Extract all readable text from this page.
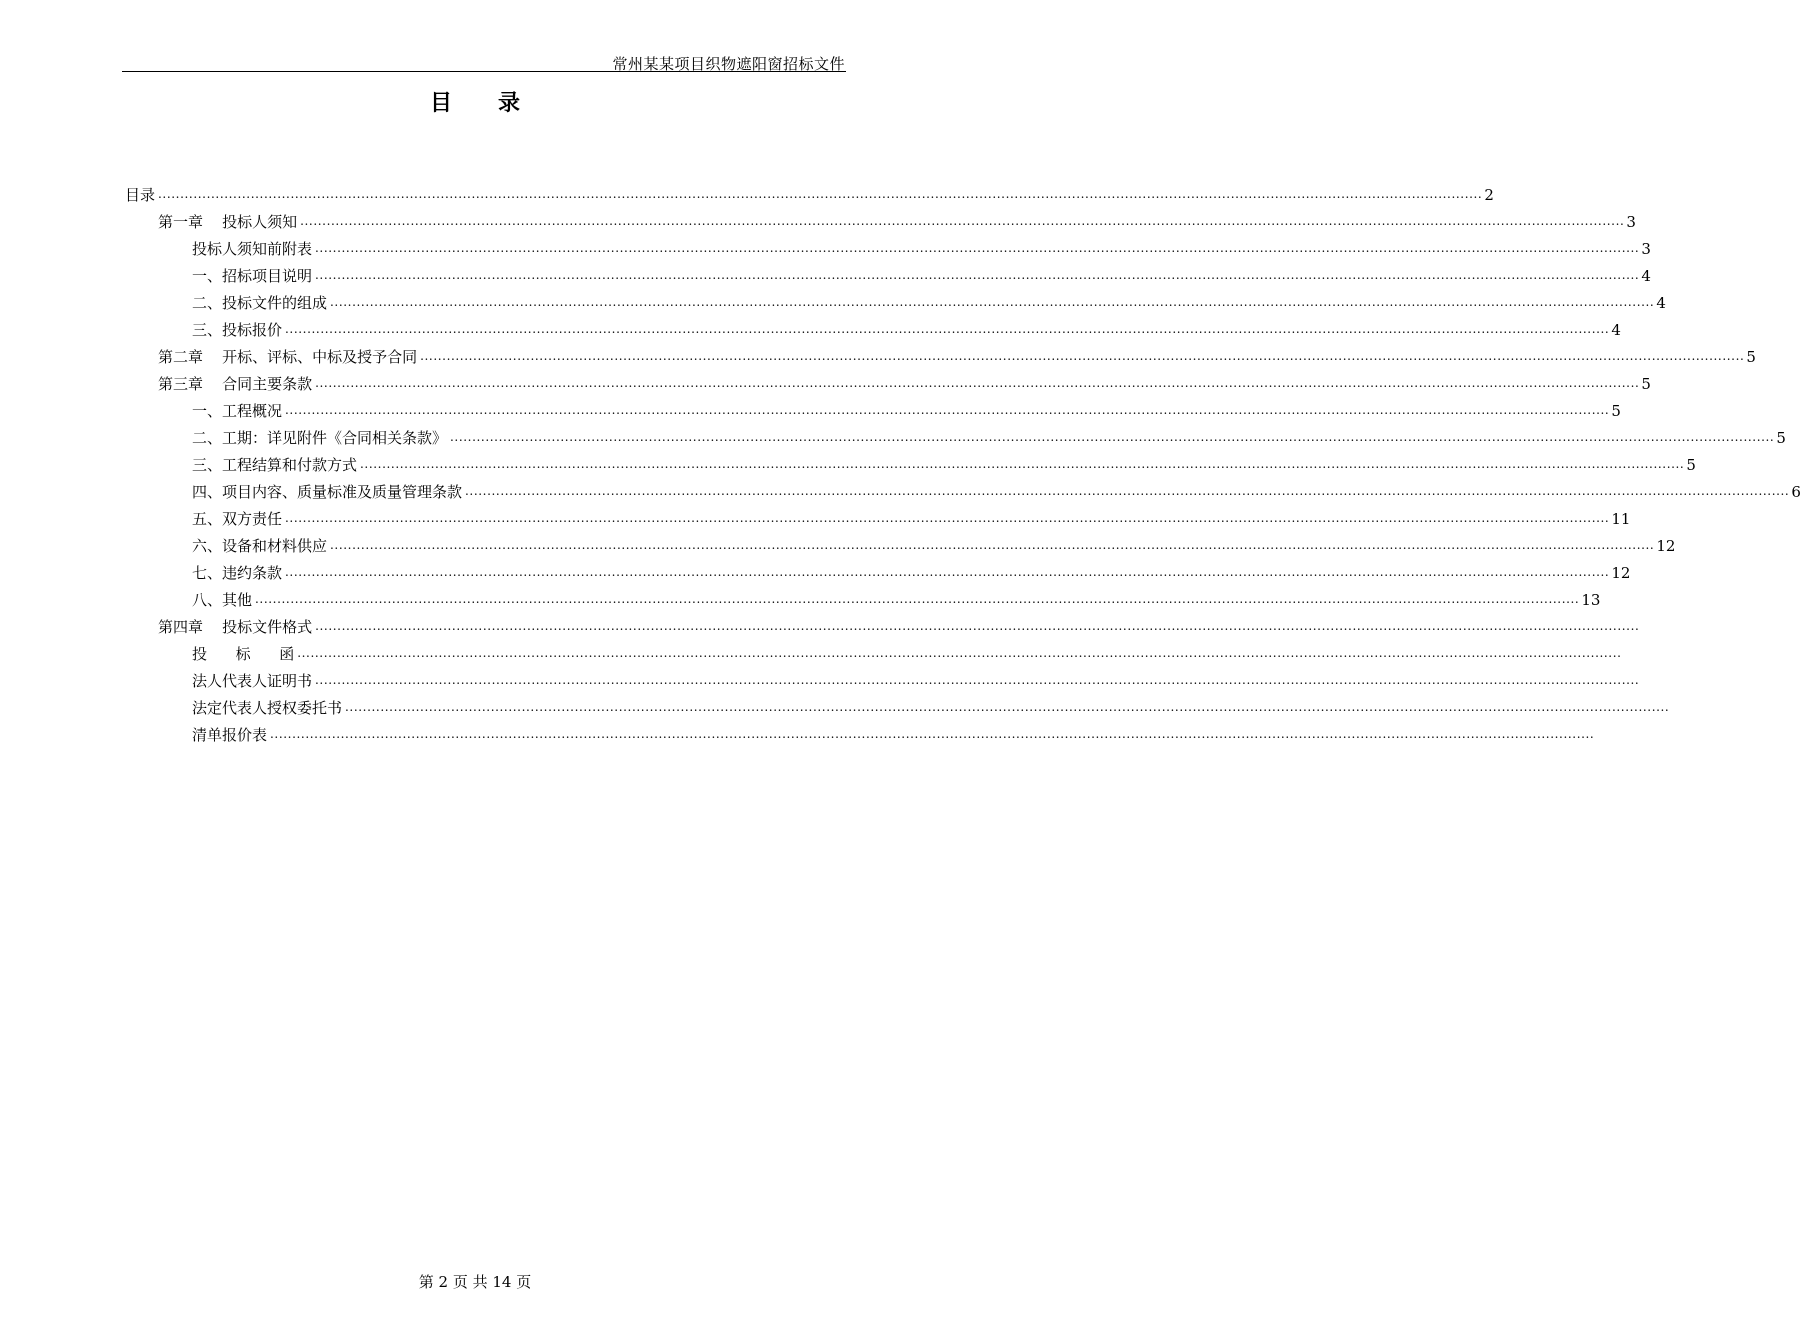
常州某某项目织物遮阳窗招标文件
目      录
目录 ............................................................................................................................................................................................................................................................................................................ 2
第一章    投标人须知 ............................................................................................................................................................................................................................................................................................................ 3
投标人须知前附表 ............................................................................................................................................................................................................................................................................................................ 3
一、招标项目说明 ............................................................................................................................................................................................................................................................................................................ 4
二、投标文件的组成 ............................................................................................................................................................................................................................................................................................................ 4
三、投标报价 ............................................................................................................................................................................................................................................................................................................ 4
第二章    开标、评标、中标及授予合同 ............................................................................................................................................................................................................................................................................................................ 5
第三章    合同主要条款 ............................................................................................................................................................................................................................................................................................................ 5
一、工程概况 ............................................................................................................................................................................................................................................................................................................ 5
二、工期：详见附件《合同相关条款》 ............................................................................................................................................................................................................................................................................................................ 5
三、工程结算和付款方式 ............................................................................................................................................................................................................................................................................................................ 5
四、项目内容、质量标准及质量管理条款 ............................................................................................................................................................................................................................................................................................................ 6
五、双方责任 ............................................................................................................................................................................................................................................................................................................ 11
六、设备和材料供应 ............................................................................................................................................................................................................................................................................................................ 12
七、违约条款 ............................................................................................................................................................................................................................................................................................................ 12
八、其他 ............................................................................................................................................................................................................................................................................................................ 13
第四章    投标文件格式 ............................................................................................................................................................................................................................................................................................................
投      标      函 ............................................................................................................................................................................................................................................................................................................
法人代表人证明书 ............................................................................................................................................................................................................................................................................................................
法定代表人授权委托书 ............................................................................................................................................................................................................................................................................................................
清单报价表 ............................................................................................................................................................................................................................................................................................................
第 2 页 共 14 页
